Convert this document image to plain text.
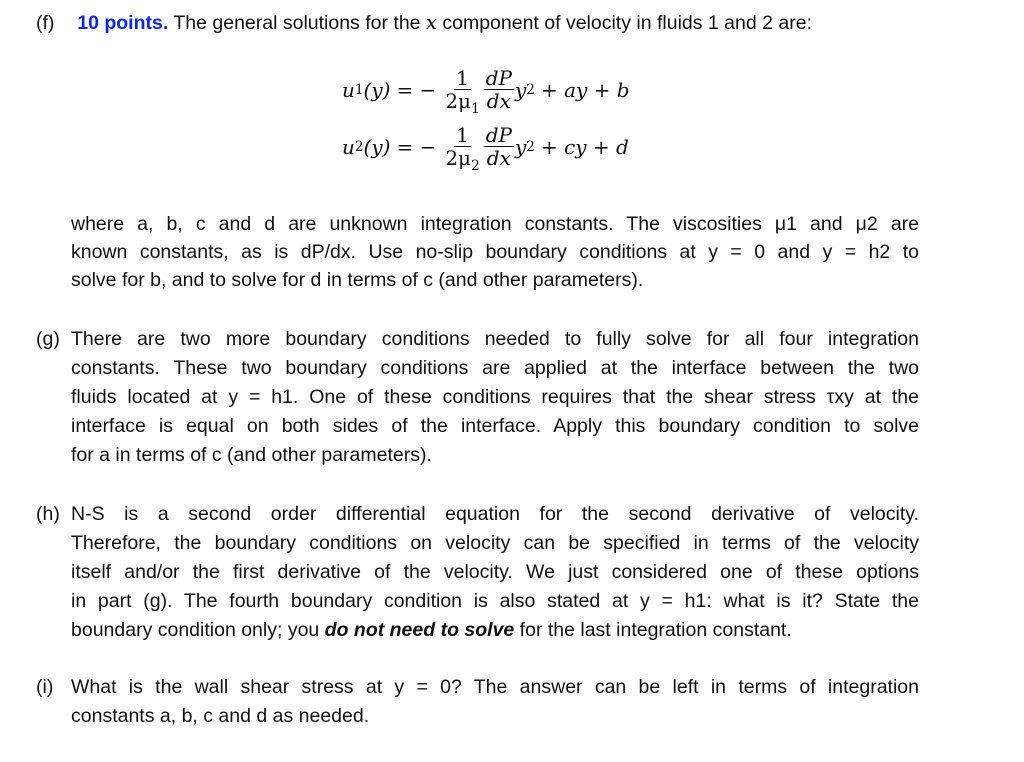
(f) 10 points. The general solutions for the x component of velocity in fluids 1 and 2 are:
u 1 (y) = − $\frac{1}{2\mu_1} \frac{dP}{dx}$ y 2 + ay + b
u 2 (y) = − $\frac{1}{2\mu_2} \frac{dP}{dx}$ y 2 + cy + d
where a, b, c and d are unknown integration constants. The viscosities μ1 and μ2 are
known constants, as is dP/dx. Use no-slip boundary conditions at y = 0 and y = h2 to
solve for b, and to solve for d in terms of c (and other parameters).
(g) There are two more boundary conditions needed to fully solve for all four integration
constants. These two boundary conditions are applied at the interface between the two
fluids located at y = h1. One of these conditions requires that the shear stress τxy at the
interface is equal on both sides of the interface. Apply this boundary condition to solve
for a in terms of c (and other parameters).
(h) N-S is a second order differential equation for the second derivative of velocity.
Therefore, the boundary conditions on velocity can be specified in terms of the velocity
itself and/or the first derivative of the velocity. We just considered one of these options
in part (g). The fourth boundary condition is also stated at y = h1: what is it? State the
boundary condition only; you do not need to solve for the last integration constant.
(i) What is the wall shear stress at y = 0? The answer can be left in terms of integration
constants a, b, c and d as needed.
